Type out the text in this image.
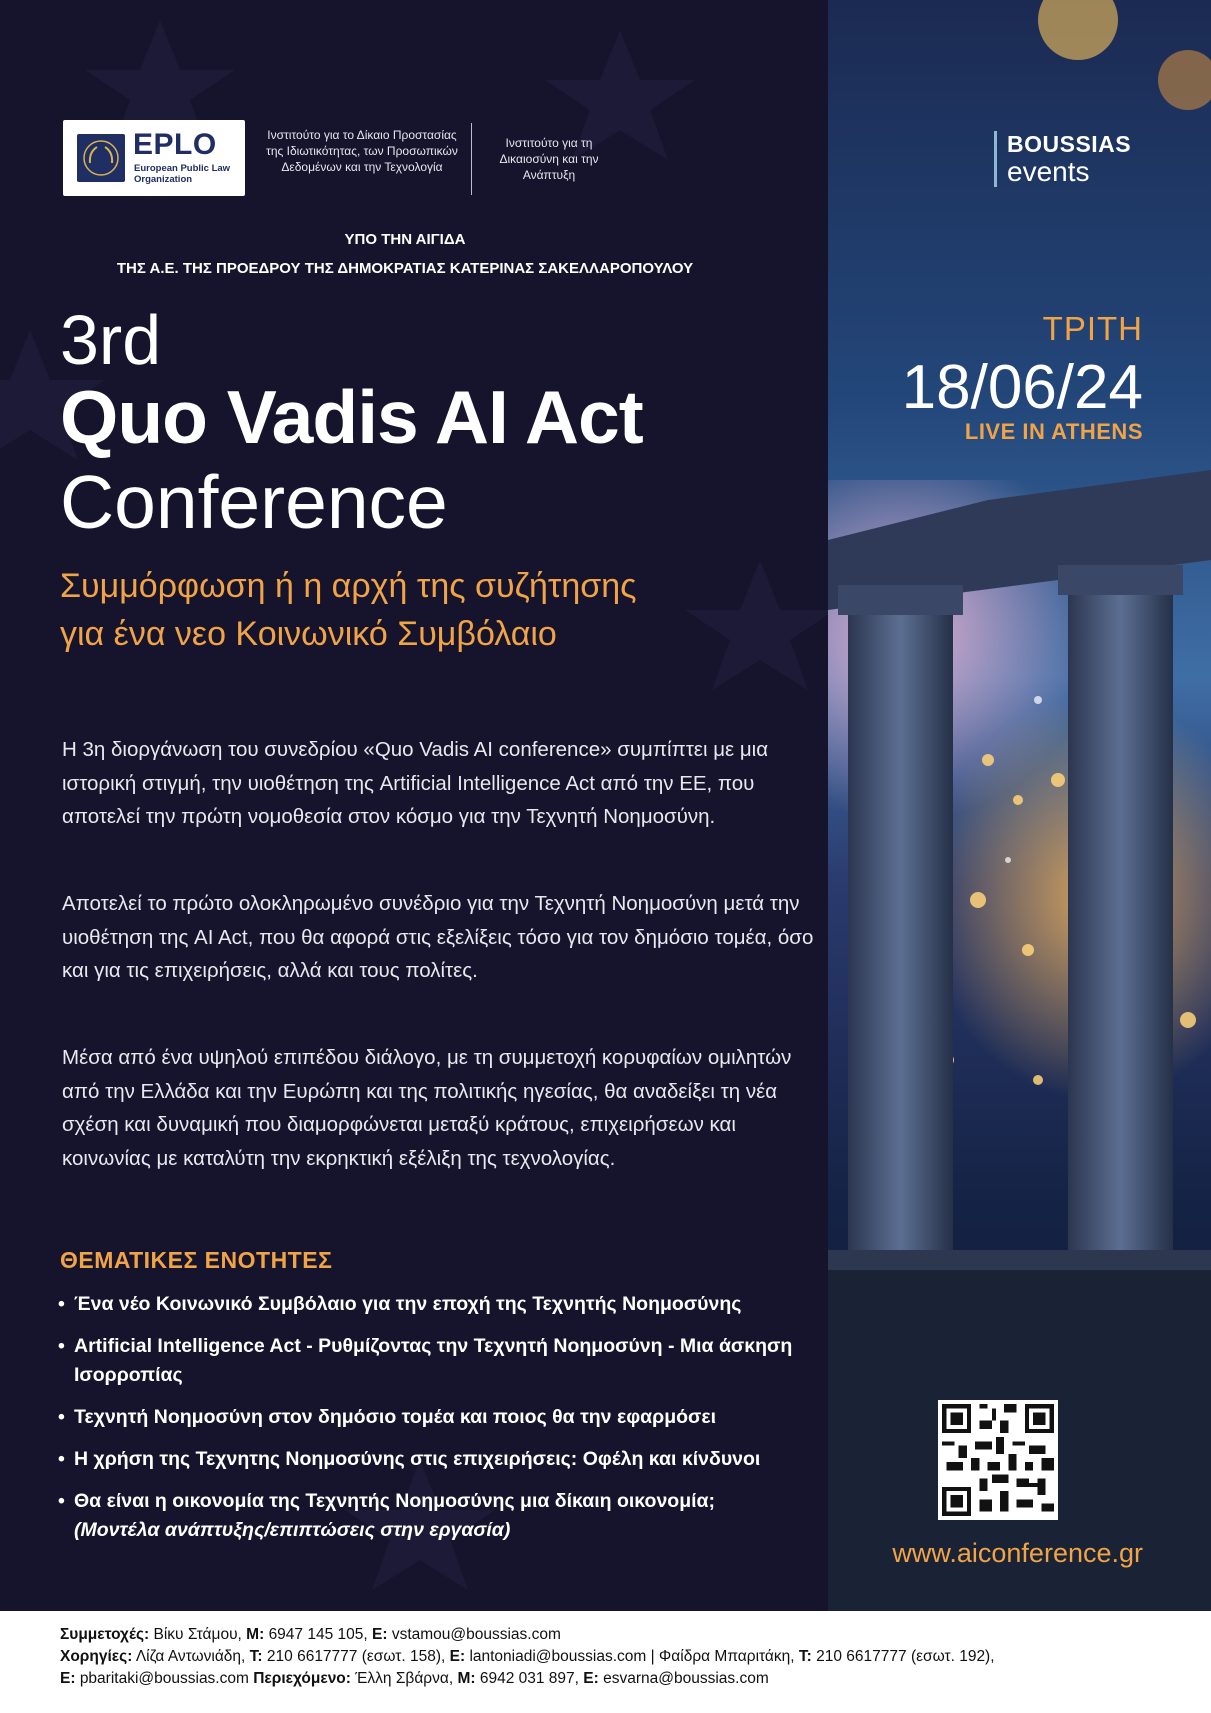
EPLO
European Public Law Organization
Ινστιτούτο για το Δίκαιο Προστασίας της Ιδιωτικότητας, των Προσωπικών Δεδομένων και την Τεχνολογία
Ινστιτούτο για τη Δικαιοσύνη και την Ανάπτυξη
ΥΠΟ ΤΗΝ ΑΙΓΙΔΑ
ΤΗΣ Α.Ε. ΤΗΣ ΠΡΟΕΔΡΟΥ ΤΗΣ ΔΗΜΟΚΡΑΤΙΑΣ ΚΑΤΕΡΙΝΑΣ ΣΑΚΕΛΛΑΡΟΠΟΥΛΟΥ
3rd
Quo Vadis AI Act
Conference
Συμμόρφωση ή η αρχή της συζήτησης
για ένα νεο Κοινωνικό Συμβόλαιο

Η 3η διοργάνωση του συνεδρίου «Quo Vadis AI conference» συμπίπτει με μια ιστορική στιγμή, την υιοθέτηση της Artificial Intelligence Act από την ΕΕ, που αποτελεί την πρώτη νομοθεσία στον κόσμο για την Τεχνητή Νοημοσύνη.

Αποτελεί το πρώτο ολοκληρωμένο συνέδριο για την Τεχνητή Νοημοσύνη μετά την υιοθέτηση της AI Act, που θα αφορά στις εξελίξεις τόσο για τον δημόσιο τομέα, όσο και για τις επιχειρήσεις, αλλά και τους πολίτες.

Μέσα από ένα υψηλού επιπέδου διάλογο, με τη συμμετοχή κορυφαίων ομιλητών από την Ελλάδα και την Ευρώπη και της πολιτικής ηγεσίας, θα αναδείξει τη νέα σχέση και δυναμική που διαμορφώνεται μεταξύ κράτους, επιχειρήσεων και κοινωνίας με καταλύτη την εκρηκτική εξέλιξη της τεχνολογίας.

ΘΕΜΑΤΙΚΕΣ ΕΝΟΤΗΤΕΣ
• Ένα νέο Κοινωνικό Συμβόλαιο για την εποχή της Τεχνητής Νοημοσύνης
• Artificial Intelligence Act - Ρυθμίζοντας την Τεχνητή Νοημοσύνη - Μια άσκηση Ισορροπίας
• Τεχνητή Νοημοσύνη στον δημόσιο τομέα και ποιος θα την εφαρμόσει
• Η χρήση της Τεχνητης Νοημοσύνης στις επιχειρήσεις: Οφέλη και κίνδυνοι
• Θα είναι η οικονομία της Τεχνητής Νοημοσύνης μια δίκαιη οικονομία;
(Μοντέλα ανάπτυξης/επιπτώσεις στην εργασία)
BOUSSIAS
events
ΤΡΙΤΗ
18/06/24
LIVE IN ATHENS
www.aiconference.gr
Συμμετοχές: Βίκυ Στάμου, M: 6947 145 105, E: vstamou@boussias.com
Χορηγίες: Λίζα Αντωνιάδη, T: 210 6617777 (εσωτ. 158), E: lantoniadi@boussias.com | Φαίδρα Μπαριτάκη, T: 210 6617777 (εσωτ. 192),
E: pbaritaki@boussias.com Περιεχόμενο: Έλλη Σβάρνα, M: 6942 031 897, E: esvarna@boussias.com
